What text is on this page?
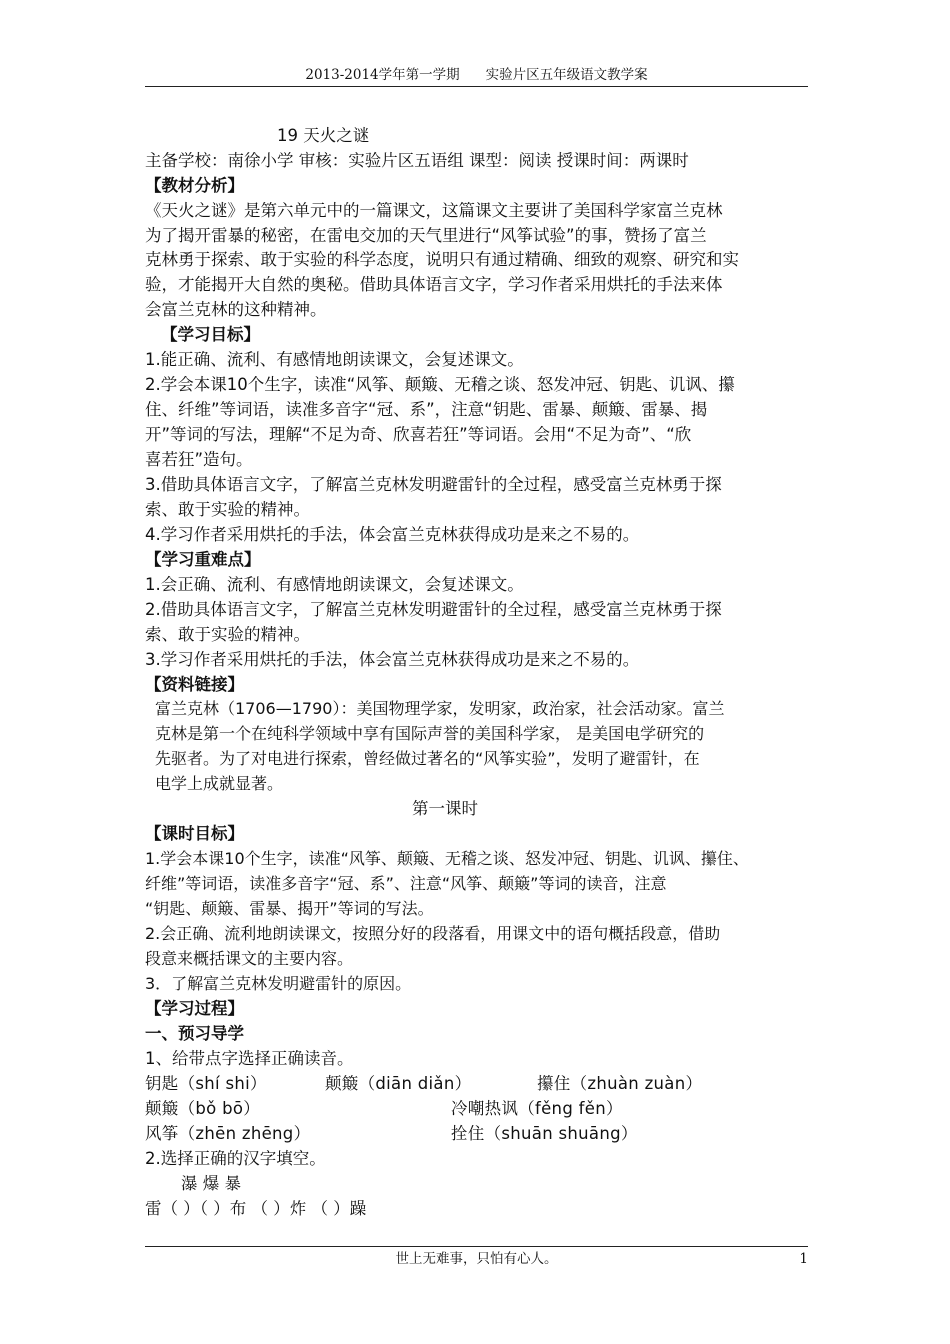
2013-2014学年第一学期 实验片区五年级语文教学案
19 天火之谜
主备学校：南徐小学 审核：实验片区五语组 课型：阅读 授课时间：两课时
【教材分析】
《天火之谜》是第六单元中的一篇课文，这篇课文主要讲了美国科学家富兰克林
为了揭开雷暴的秘密，在雷电交加的天气里进行“风筝试验”的事，赞扬了富兰
克林勇于探索、敢于实验的科学态度，说明只有通过精确、细致的观察、研究和实
验，才能揭开大自然的奥秘。借助具体语言文字，学习作者采用烘托的手法来体
会富兰克林的这种精神。
【学习目标】
1.能正确、流利、有感情地朗读课文，会复述课文。
2.学会本课10个生字，读准“风筝、颠簸、无稽之谈、怒发冲冠、钥匙、讥讽、攥
住、纤维”等词语，读准多音字“冠、系”，注意“钥匙、雷暴、颠簸、雷暴、揭
开”等词的写法，理解“不足为奇、欣喜若狂”等词语。会用“不足为奇”、“欣
喜若狂”造句。
3.借助具体语言文字，了解富兰克林发明避雷针的全过程，感受富兰克林勇于探
索、敢于实验的精神。
4.学习作者采用烘托的手法，体会富兰克林获得成功是来之不易的。
【学习重难点】
1.会正确、流利、有感情地朗读课文，会复述课文。
2.借助具体语言文字，了解富兰克林发明避雷针的全过程，感受富兰克林勇于探
索、敢于实验的精神。
3.学习作者采用烘托的手法，体会富兰克林获得成功是来之不易的。
【资料链接】
富兰克林（1706—1790）：美国物理学家，发明家，政治家，社会活动家。富兰
克林是第一个在纯科学领域中享有国际声誉的美国科学家， 是美国电学研究的
先驱者。为了对电进行探索，曾经做过著名的“风筝实验”，发明了避雷针，在
电学上成就显著。
第一课时
【课时目标】
1.学会本课10个生字，读准“风筝、颠簸、无稽之谈、怒发冲冠、钥匙、讥讽、攥住、
纤维”等词语，读准多音字“冠、系”、注意“风筝、颠簸”等词的读音，注意
“钥匙、颠簸、雷暴、揭开”等词的写法。
2.会正确、流利地朗读课文，按照分好的段落看，用课文中的语句概括段意，借助
段意来概括课文的主要内容。
3．了解富兰克林发明避雷针的原因。
【学习过程】
一、预习导学
1、给带点字选择正确读音。
钥匙（shí shi）	颠簸（diān diǎn）	攥住（zhuàn zuàn）
颠簸（bǒ bō）	冷嘲热讽（fěng fěn）
风筝（zhēn zhēng）	拴住（shuān shuāng）
2.选择正确的汉字填空。
瀑 爆 暴
雷（ ）（ ）布 （ ）炸 （ ）躁
世上无难事，只怕有心人。	1
